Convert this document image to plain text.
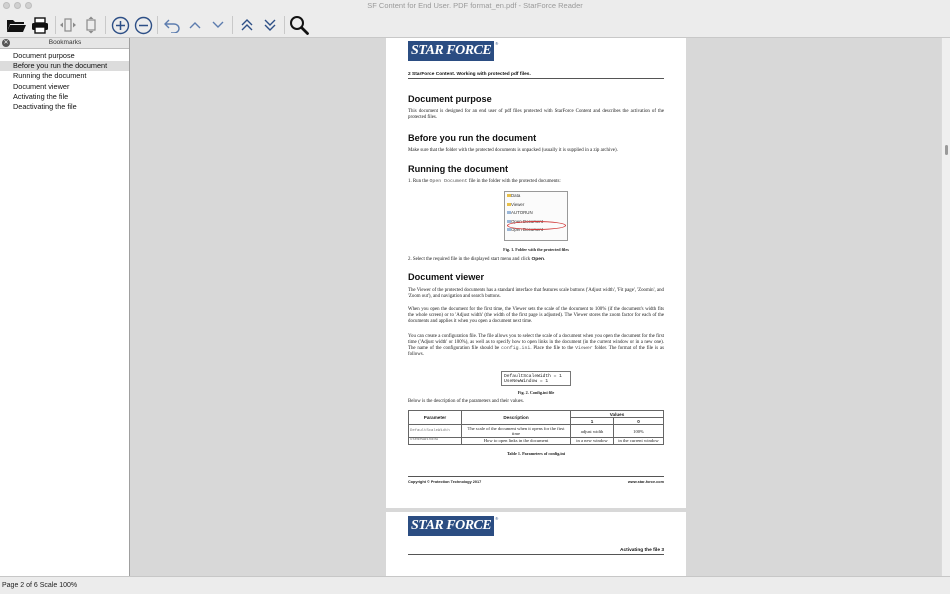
SF Content for End User. PDF format_en.pdf - StarForce Reader
✕	Bookmarks
Document purpose
Before you run the document
Running the document
Document viewer
Activating the file
Deactivating the file
STAR FORCE	®
2 StarForce Content. Working with protected pdf files.
Document purpose
This document is designed for an end user of pdf files protected with StarForce Content and describes the activation of the protected files.
Before you run the document
Make sure that the folder with the protected documents is unpacked (usually it is supplied in a zip archive).
Running the document
1. Run the Open Document file in the folder with the protected documents:
Data
Viewer
AUTORUN
Open Document
Open Document
Fig. 1. Folder with the protected files
2. Select the required file in the displayed start menu and click Open.
Document viewer
The Viewer of the protected documents has a standard interface that features scale buttons ('Adjust width', 'Fit page', 'Zoomin', and 'Zoom out'), and navigation and search buttons.
When you open the document for the first time, the Viewer sets the scale of the document to 100% (if the document's width fits the whole screen) or to 'Adjust width' (the width of the first page is adjusted). The Viewer stores the zoom factor for each of the documents and applies it when you open a document next time.
You can create a configuration file. The file allows you to select the scale of a document when you open the document for the first time ('Adjust width' or 100%), as well as to specify how to open links in the document (in the current window or in a new one). The name of the configuration file should be config.ini. Place the file to the Viewer folder. The format of the file is as follows.
DefaultScaleWidth = 1
UseNewWindow = 1
Fig. 2. Config.ini file
Below is the description of the parameters and their values.
Parameter	Description	Values	
		1	0
DefaultScaleWidth	The scale of the document when it opens for the first time	adjust width	100%
UseNewWindow	How to open links in the document	in a new window	in the current window
Table 1. Parameters of config.ini
Copyright © Protection Technology 2017	www.star-force.com
STAR FORCE	®
Activating the file 3
Page 2 of 6 Scale 100%
